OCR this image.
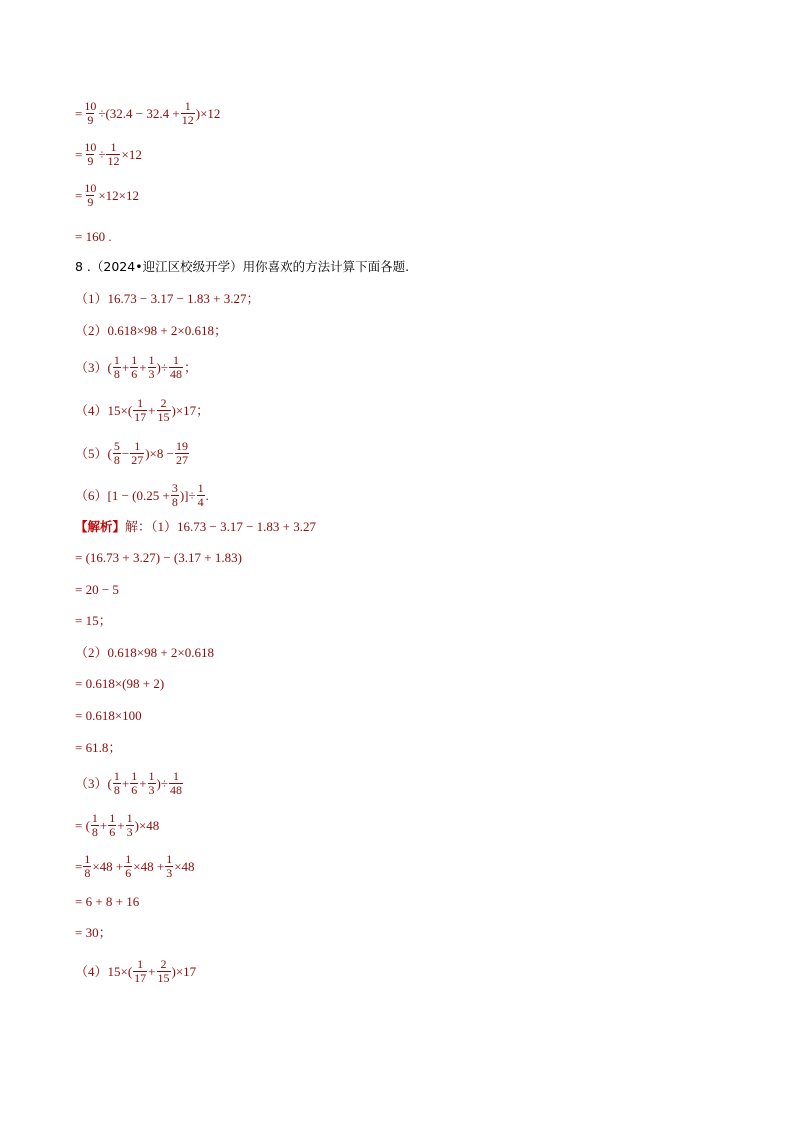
= $\frac{10}{9} \div(32.4 - 32.4 + \frac{1}{12} )\times 12$
= $\frac{10}{9} \div \frac{1}{12} \times 12$
= $\frac{10}{9} \times 12\times 12$
= 160 .
8 .（2024•迎江区校级开学）用你喜欢的方法计算下面各题.
（1）16.73 − 3.17 − 1.83 + 3.27；
（2）0.618×98 + 2×0.618；
$(3)( \frac{1}{8} + \frac{1}{6} + \frac{1}{3}$ )÷ $\frac{1}{48}$ ；
$(4)15\times( \frac{1}{17} + \frac{2}{15} )\times 17$；
$(5)( \frac{5}{8} - \frac{1}{27} )\times 8 - \frac{19}{27}$
$(6)[1 - (0.25 + \frac{3}{8}$ )]÷ $\frac{1}{4}$ .
【解析】 解：（1）16.73 − 3.17 − 1.83 + 3.27
= (16.73 + 3.27) − (3.17 + 1.83)
= 20 − 5
= 15；
（2）0.618×98 + 2×0.618
= 0.618×(98 + 2)
= 0.618×100
= 61.8；
$(3)( \frac{1}{8} + \frac{1}{6} + \frac{1}{3}$ )÷ $\frac{1}{48}$
= ( $\frac{1}{8} + \frac{1}{6} + \frac{1}{3} )\times 48$
= $\frac{1}{8} \times 48 + \frac{1}{6} \times 48 + \frac{1}{3} \times 48$
= 6 + 8 + 16
= 30；
$(4)15\times( \frac{1}{17} + \frac{2}{15} )\times 17$
